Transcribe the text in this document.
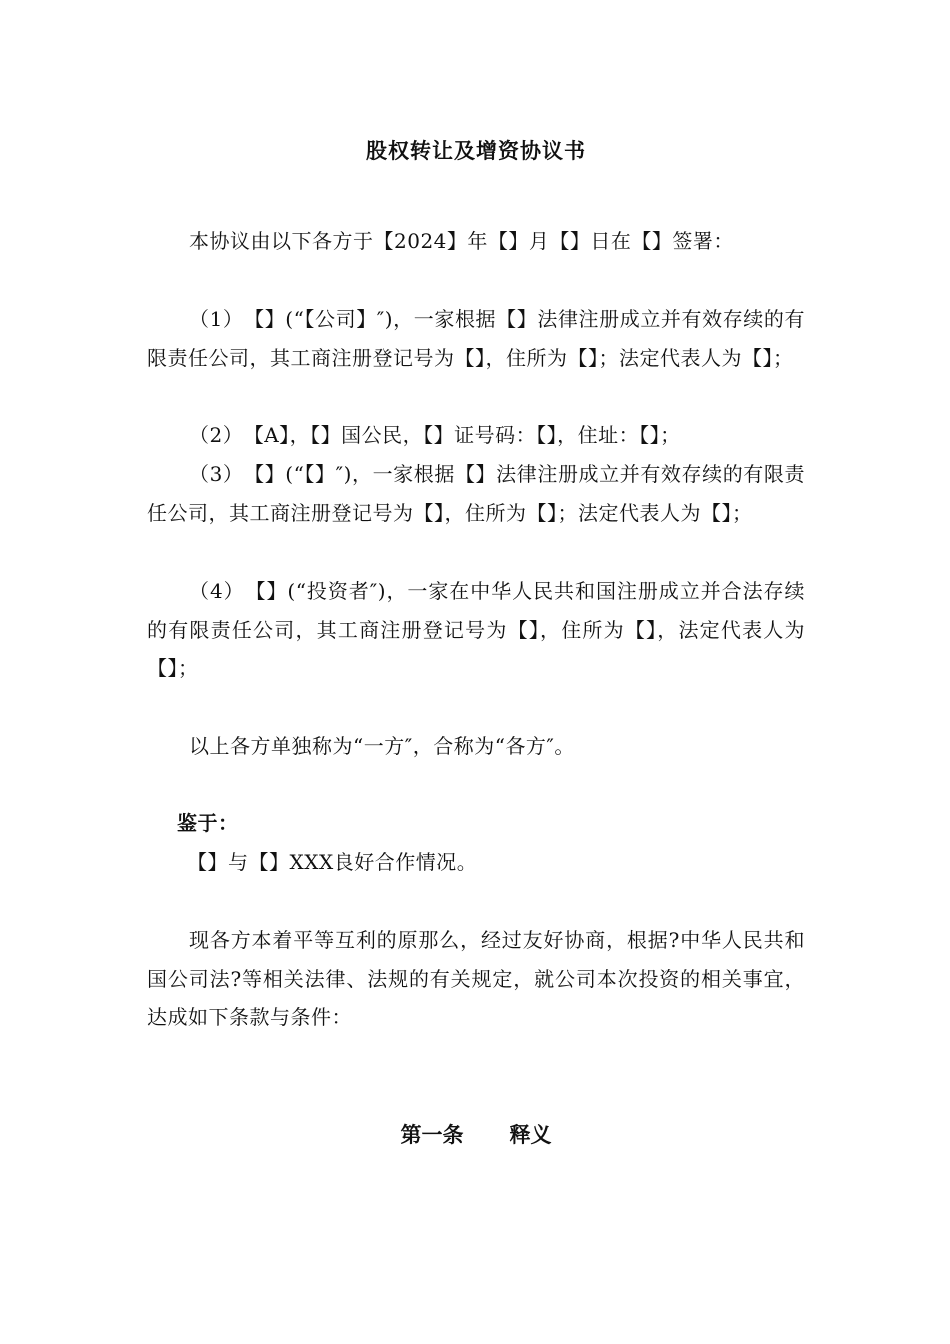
股权转让及增资协议书
本协议由以下各方于【2024】年【】月【】日在【】签署：
（1）　【】(“【公司】″)，一家根据【】法律注册成立并有效存续的有限责任公司，其工商注册登记号为【】，住所为【】；法定代表人为【】；
（2）　【A】，【】国公民，【】证号码：【】，住址：【】；
（3）　【】(“【】″)，一家根据【】法律注册成立并有效存续的有限责任公司，其工商注册登记号为【】，住所为【】；法定代表人为【】；
（4）　【】(“投资者″)，一家在中华人民共和国注册成立并合法存续的有限责任公司，其工商注册登记号为【】，住所为【】，法定代表人为【】；
以上各方单独称为“一方″，合称为“各方″。
鉴于：
【】与【】XXX良好合作情况。
现各方本着平等互利的原那么，经过友好协商，根据?中华人民共和国公司法?等相关法律、法规的有关规定，就公司本次投资的相关事宜，达成如下条款与条件：
第一条 释义
